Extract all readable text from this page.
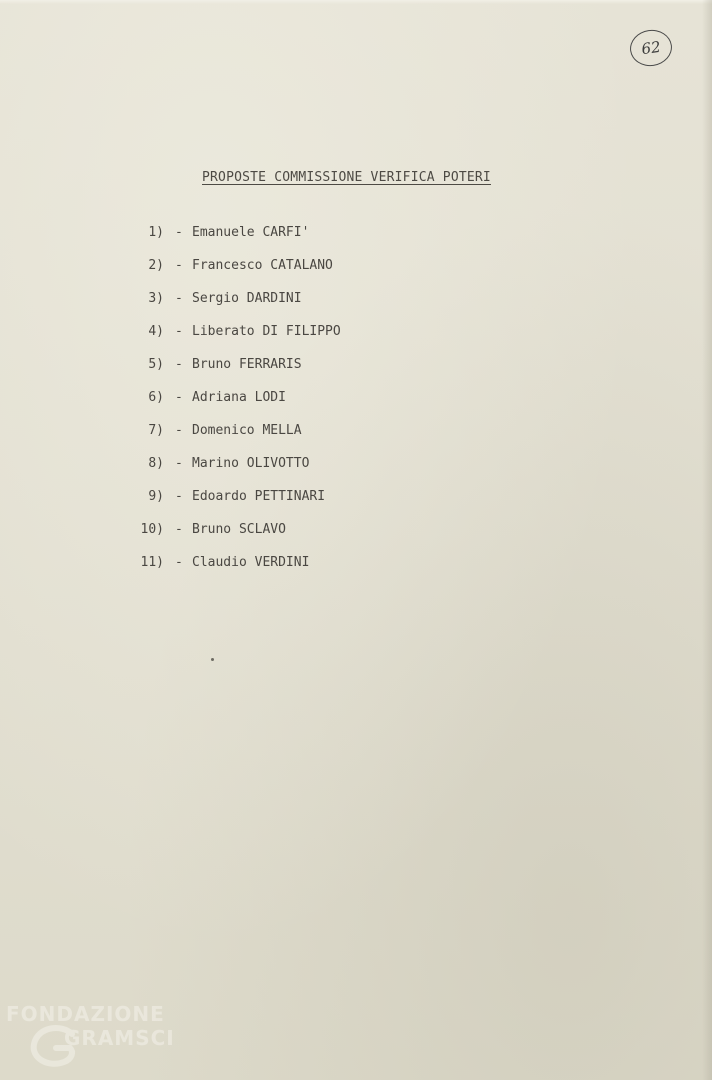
62
PROPOSTE COMMISSIONE VERIFICA POTERI
1) - Emanuele CARFI'
2) - Francesco CATALANO
3) - Sergio DARDINI
4) - Liberato DI FILIPPO
5) - Bruno FERRARIS
6) - Adriana LODI
7) - Domenico MELLA
8) - Marino OLIVOTTO
9) - Edoardo PETTINARI
10) - Bruno SCLAVO
11) - Claudio VERDINI
FONDAZIONE
GRAMSCI
